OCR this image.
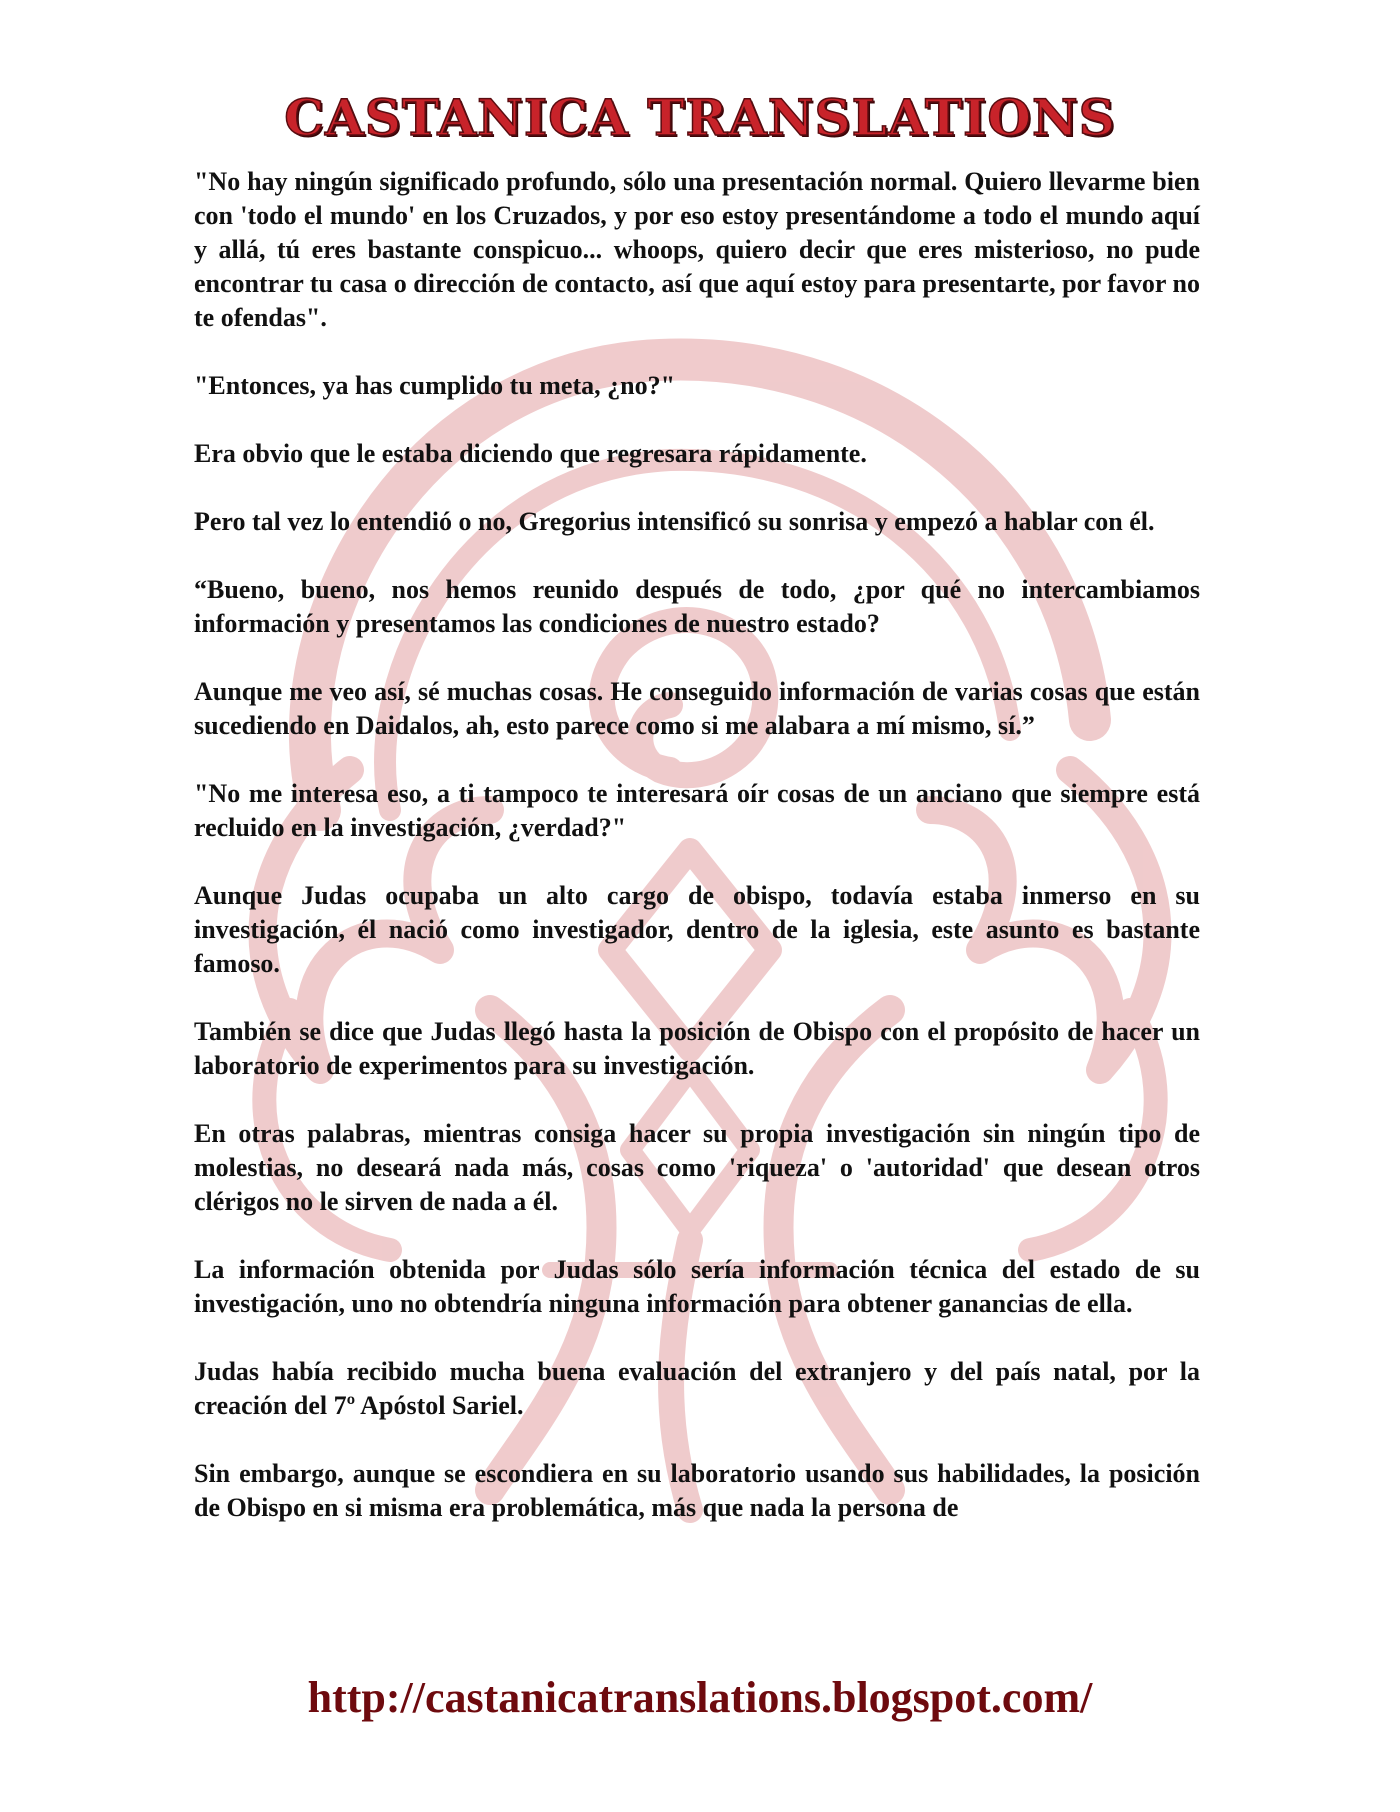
CASTANICA TRANSLATIONS

"No hay ningún significado profundo, sólo una presentación normal. Quiero llevarme bien con 'todo el mundo' en los Cruzados, y por eso estoy presentándome a todo el mundo aquí y allá, tú eres bastante conspicuo... whoops, quiero decir que eres misterioso, no pude encontrar tu casa o dirección de contacto, así que aquí estoy para presentarte, por favor no te ofendas".

"Entonces, ya has cumplido tu meta, ¿no?"

Era obvio que le estaba diciendo que regresara rápidamente.

Pero tal vez lo entendió o no, Gregorius intensificó su sonrisa y empezó a hablar con él.

“Bueno, bueno, nos hemos reunido después de todo, ¿por qué no intercambiamos información y presentamos las condiciones de nuestro estado?

Aunque me veo así, sé muchas cosas. He conseguido información de varias cosas que están sucediendo en Daidalos, ah, esto parece como si me alabara a mí mismo, sí.”

"No me interesa eso, a ti tampoco te interesará oír cosas de un anciano que siempre está recluido en la investigación, ¿verdad?"

Aunque Judas ocupaba un alto cargo de obispo, todavía estaba inmerso en su investigación, él nació como investigador, dentro de la iglesia, este asunto es bastante famoso.

También se dice que Judas llegó hasta la posición de Obispo con el propósito de hacer un laboratorio de experimentos para su investigación.

En otras palabras, mientras consiga hacer su propia investigación sin ningún tipo de molestias, no deseará nada más, cosas como 'riqueza' o 'autoridad' que desean otros clérigos no le sirven de nada a él.

La información obtenida por Judas sólo sería información técnica del estado de su investigación, uno no obtendría ninguna información para obtener ganancias de ella.

Judas había recibido mucha buena evaluación del extranjero y del país natal, por la creación del 7º Apóstol Sariel.

Sin embargo, aunque se escondiera en su laboratorio usando sus habilidades, la posición de Obispo en si misma era problemática, más que nada la persona de

http://castanicatranslations.blogspot.com/
